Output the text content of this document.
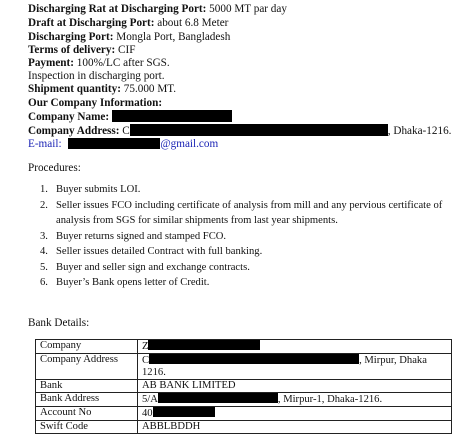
Discharging Rat at Discharging Port: 5000 MT par day
Draft at Discharging Port: about 6.8 Meter
Discharging Port: Mongla Port, Bangladesh
Terms of delivery: CIF
Payment: 100%/LC after SGS.
Inspection in discharging port.
Shipment quantity: 75.000 MT.
Our Company Information:
Company Name:
Company Address: C	, Dhaka-1216.
E-mail:	@gmail.com
Procedures:
1. Buyer submits LOI.
2. Seller issues FCO including certificate of analysis from mill and any pervious certificate of analysis from SGS for similar shipments from last year shipments.
3. Buyer returns signed and stamped FCO.
4. Seller issues detailed Contract with full banking.
5. Buyer and seller sign and exchange contracts.
6. Buyer’s Bank opens letter of Credit.
Bank Details:
Company	Z
Company Address	C , Mirpur, Dhaka
1216.
Bank	AB BANK LIMITED
Bank Address	5/A , Mirpur-1, Dhaka-1216.
Account No	40
Swift Code	ABBLBDDH
